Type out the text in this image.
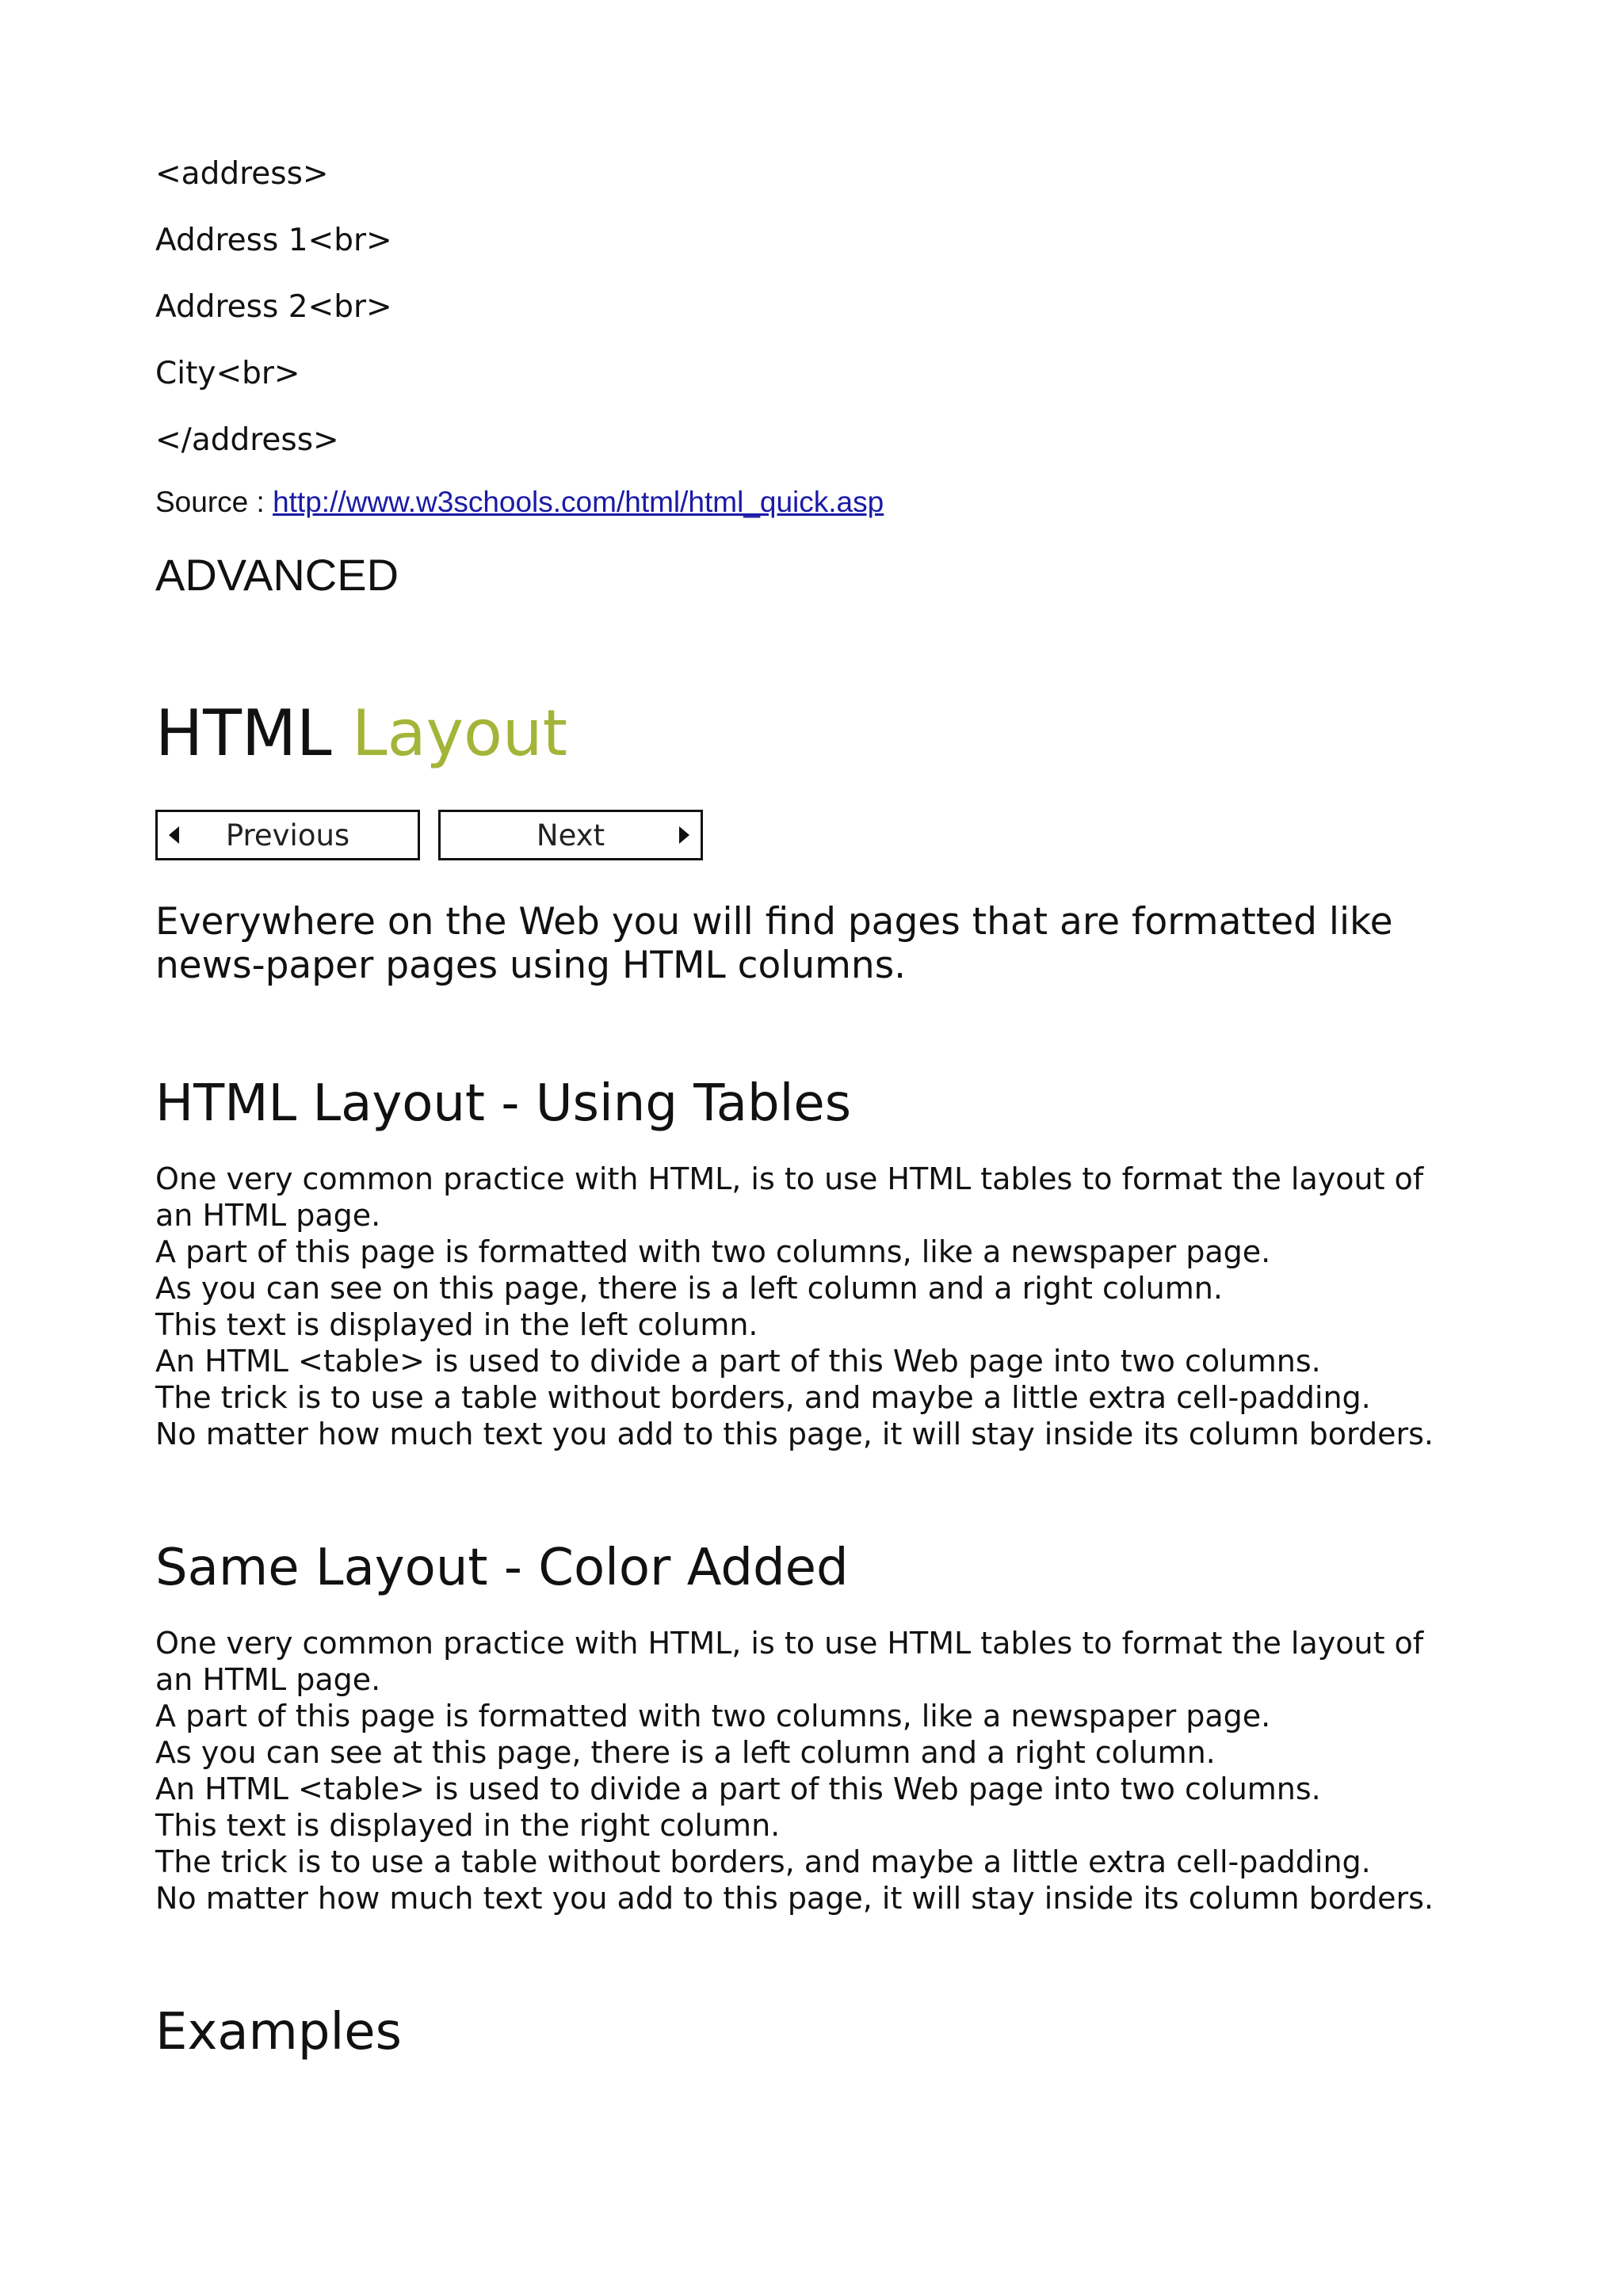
<address>

Address 1<br>

Address 2<br>

City<br>

</address>

Source : http://www.w3schools.com/html/html_quick.asp
ADVANCED
HTML Layout
Previous	Next

Everywhere on the Web you will find pages that are formatted like news-paper pages using HTML columns.

HTML Layout - Using Tables

One very common practice with HTML, is to use HTML tables to format the layout of
an HTML page.
A part of this page is formatted with two columns, like a newspaper page.
As you can see on this page, there is a left column and a right column.
This text is displayed in the left column.
An HTML <table> is used to divide a part of this Web page into two columns.
The trick is to use a table without borders, and maybe a little extra cell-padding.
No matter how much text you add to this page, it will stay inside its column borders.

Same Layout - Color Added

One very common practice with HTML, is to use HTML tables to format the layout of
an HTML page.
A part of this page is formatted with two columns, like a newspaper page.
As you can see at this page, there is a left column and a right column.
An HTML <table> is used to divide a part of this Web page into two columns.
This text is displayed in the right column.
The trick is to use a table without borders, and maybe a little extra cell-padding.
No matter how much text you add to this page, it will stay inside its column borders.

Examples
